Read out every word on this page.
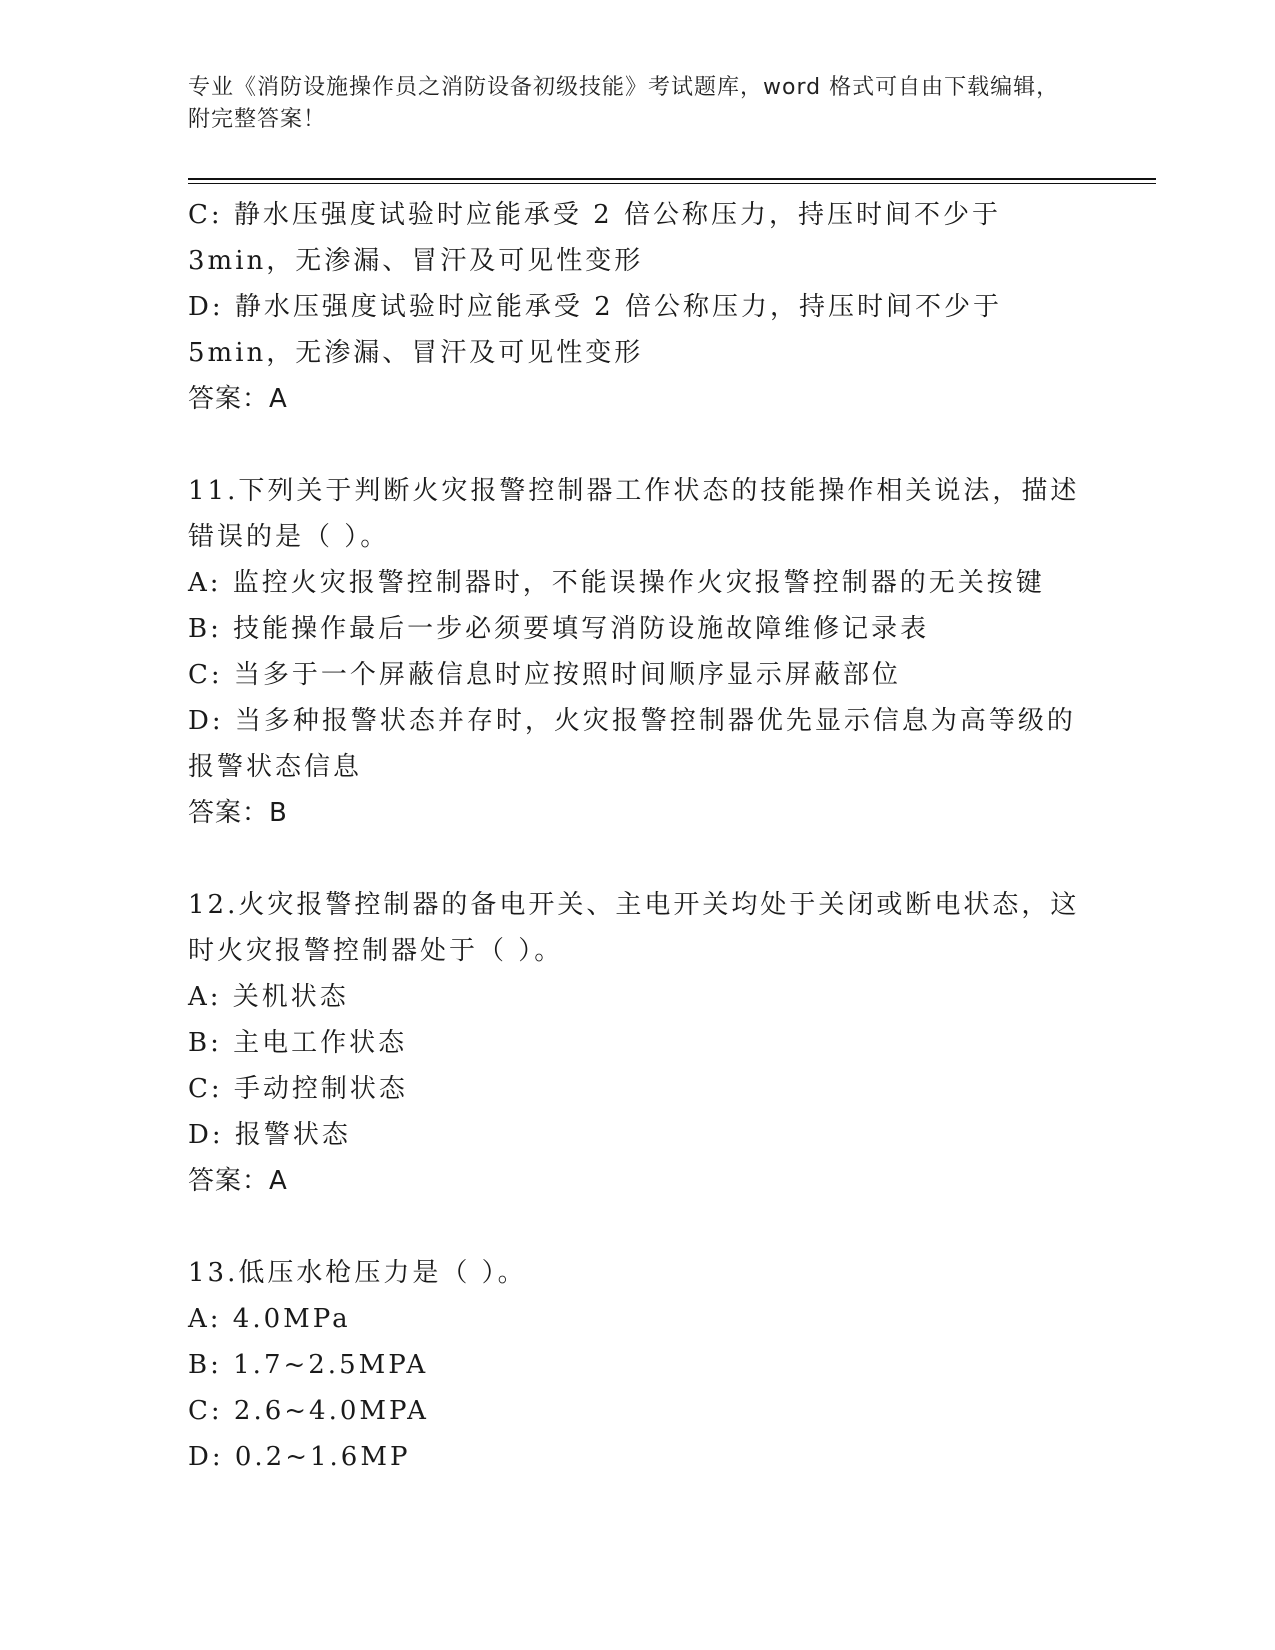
专业《消防设施操作员之消防设备初级技能》考试题库，word 格式可自由下载编辑，附完整答案！
C: 静水压强度试验时应能承受 2 倍公称压力，持压时间不少于 3min，无渗漏、冒汗及可见性变形
D: 静水压强度试验时应能承受 2 倍公称压力，持压时间不少于 5min，无渗漏、冒汗及可见性变形
答案：A
11.下列关于判断火灾报警控制器工作状态的技能操作相关说法，描述错误的是（ ）。
A: 监控火灾报警控制器时，不能误操作火灾报警控制器的无关按键
B: 技能操作最后一步必须要填写消防设施故障维修记录表
C: 当多于一个屏蔽信息时应按照时间顺序显示屏蔽部位
D: 当多种报警状态并存时，火灾报警控制器优先显示信息为高等级的报警状态信息
答案：B
12.火灾报警控制器的备电开关、主电开关均处于关闭或断电状态，这时火灾报警控制器处于（ ）。
A: 关机状态
B: 主电工作状态
C: 手动控制状态
D: 报警状态
答案：A
13.低压水枪压力是（ ）。
A: 4.0MPa
B: 1.7~2.5MPA
C: 2.6~4.0MPA
D: 0.2~1.6MP
